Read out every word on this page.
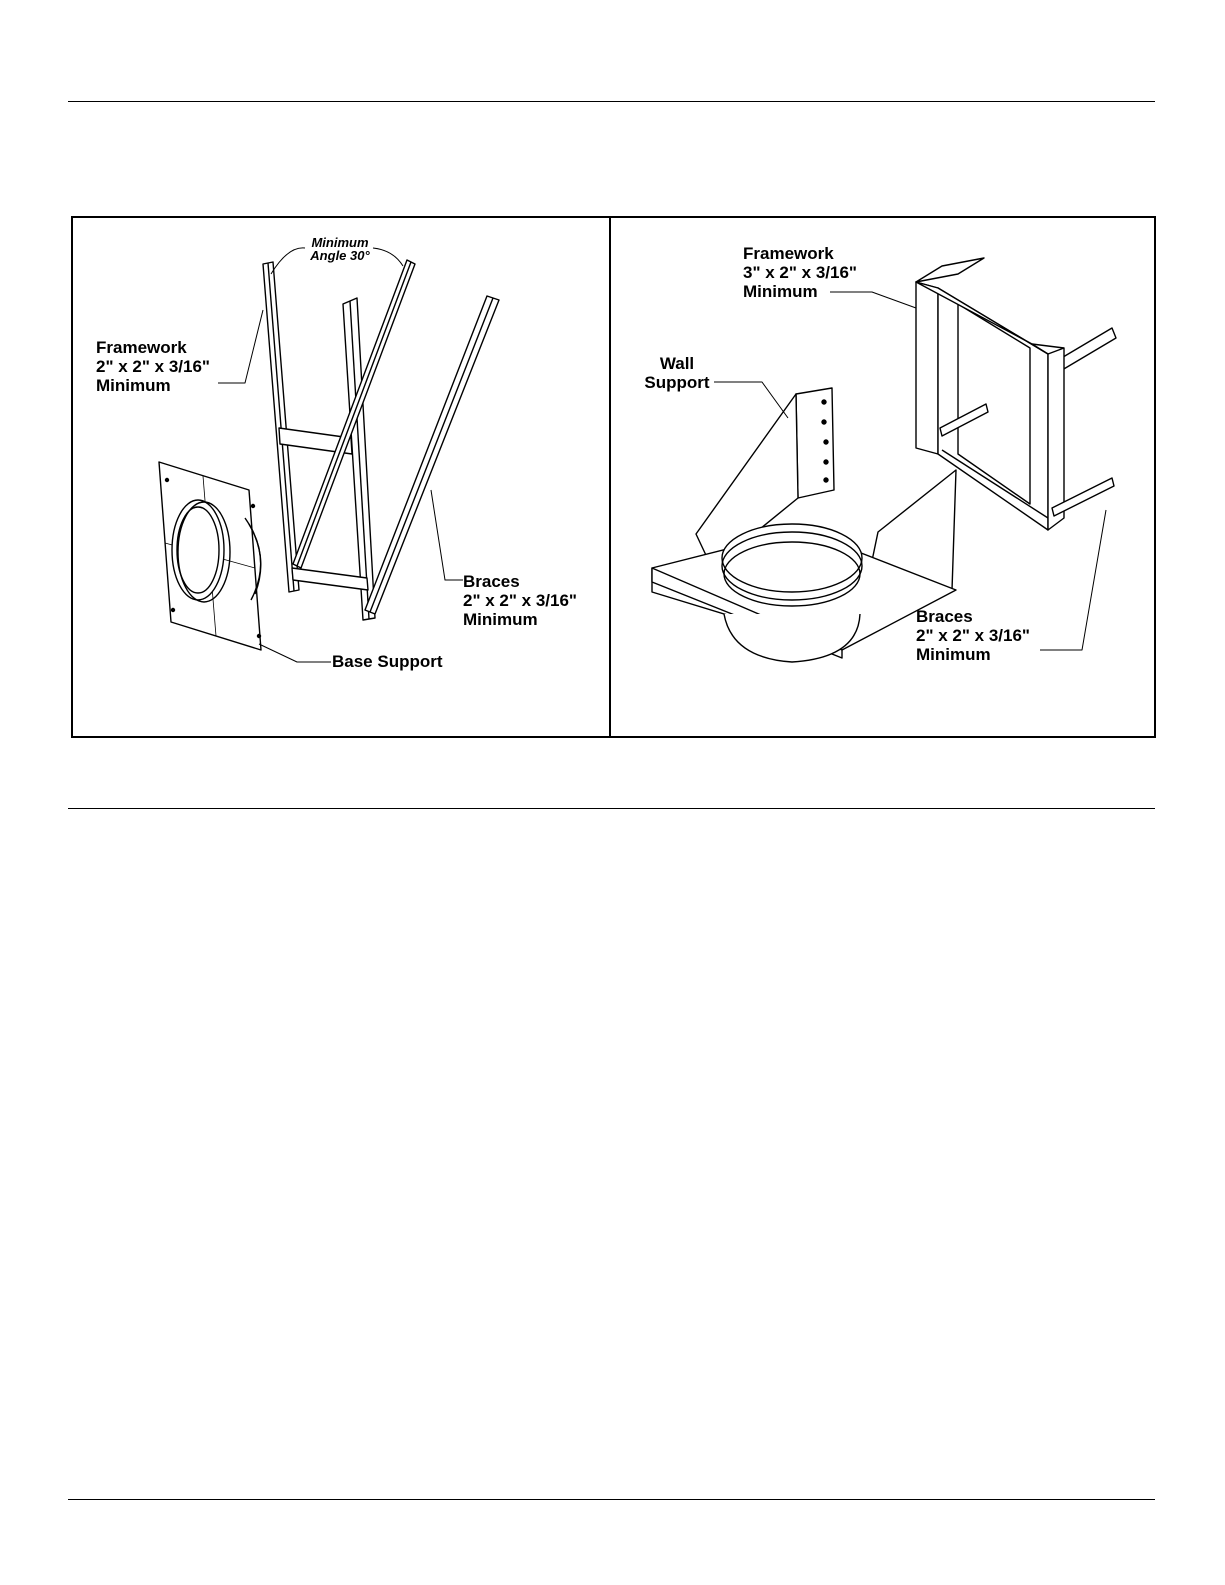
Minimum
Angle 30°
Framework
2" x 2" x 3/16"
Minimum
Braces
2" x 2" x 3/16"
Minimum
Base Support
Framework
3" x 2" x 3/16"
Minimum
Wall
Support
Braces
2" x 2" x 3/16"
Minimum
